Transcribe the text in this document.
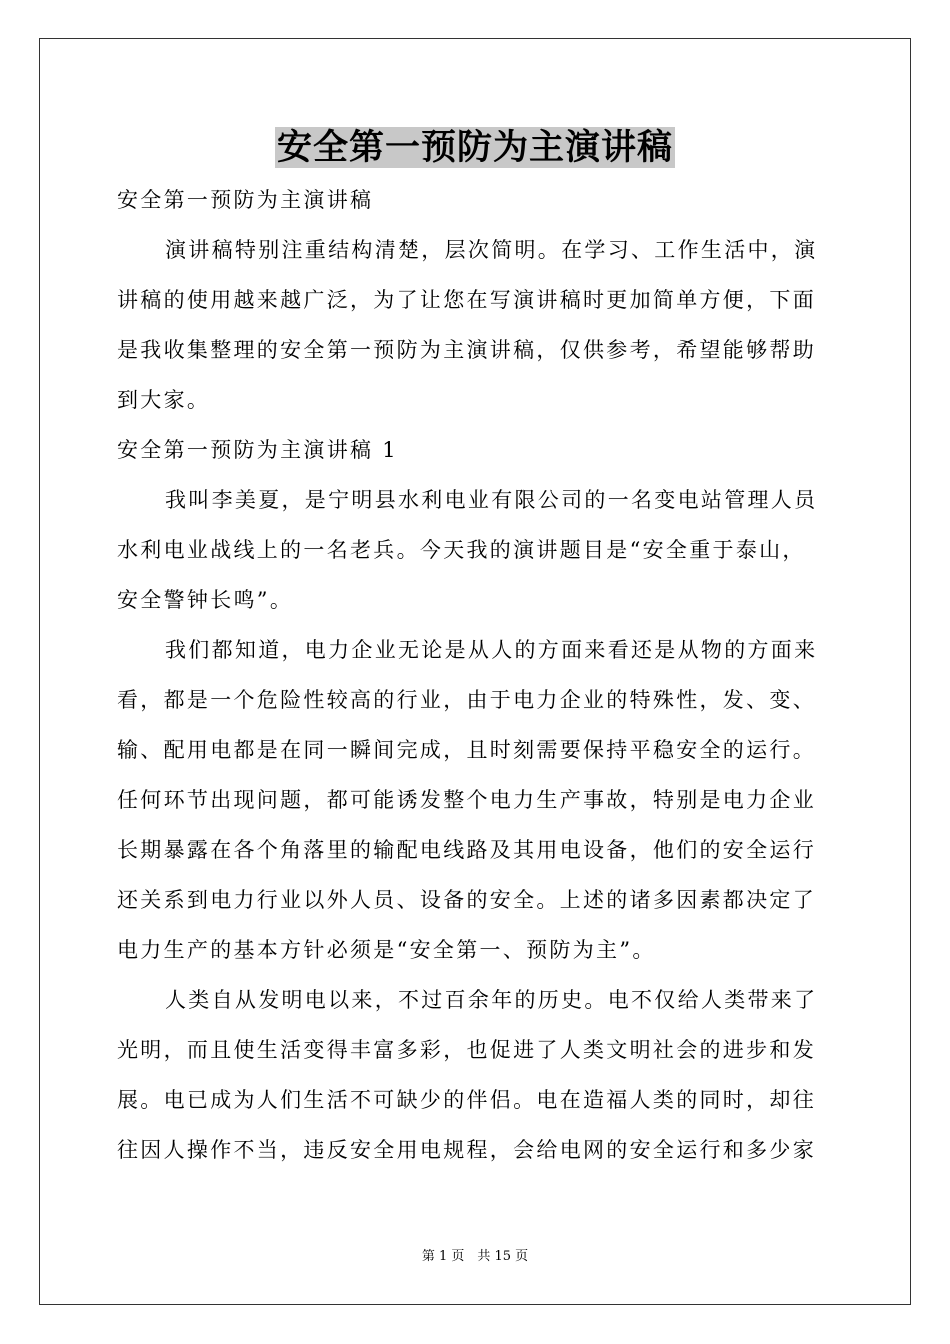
安全第一预防为主演讲稿
安全第一预防为主演讲稿
演讲稿特别注重结构清楚，层次简明。在学习、工作生活中，演
讲稿的使用越来越广泛，为了让您在写演讲稿时更加简单方便，下面
是我收集整理的安全第一预防为主演讲稿，仅供参考，希望能够帮助
到大家。
安全第一预防为主演讲稿 1
我叫李美夏，是宁明县水利电业有限公司的一名变电站管理人员
水利电业战线上的一名老兵。今天我的演讲题目是“安全重于泰山，
安全警钟长鸣”。
我们都知道，电力企业无论是从人的方面来看还是从物的方面来
看，都是一个危险性较高的行业，由于电力企业的特殊性，发、变、
输、配用电都是在同一瞬间完成，且时刻需要保持平稳安全的运行。
任何环节出现问题，都可能诱发整个电力生产事故，特别是电力企业
长期暴露在各个角落里的输配电线路及其用电设备，他们的安全运行
还关系到电力行业以外人员、设备的安全。上述的诸多因素都决定了
电力生产的基本方针必须是“安全第一、预防为主”。
人类自从发明电以来，不过百余年的历史。电不仅给人类带来了
光明，而且使生活变得丰富多彩，也促进了人类文明社会的进步和发
展。电已成为人们生活不可缺少的伴侣。电在造福人类的同时，却往
往因人操作不当，违反安全用电规程，会给电网的安全运行和多少家
第 1 页　共 15 页
